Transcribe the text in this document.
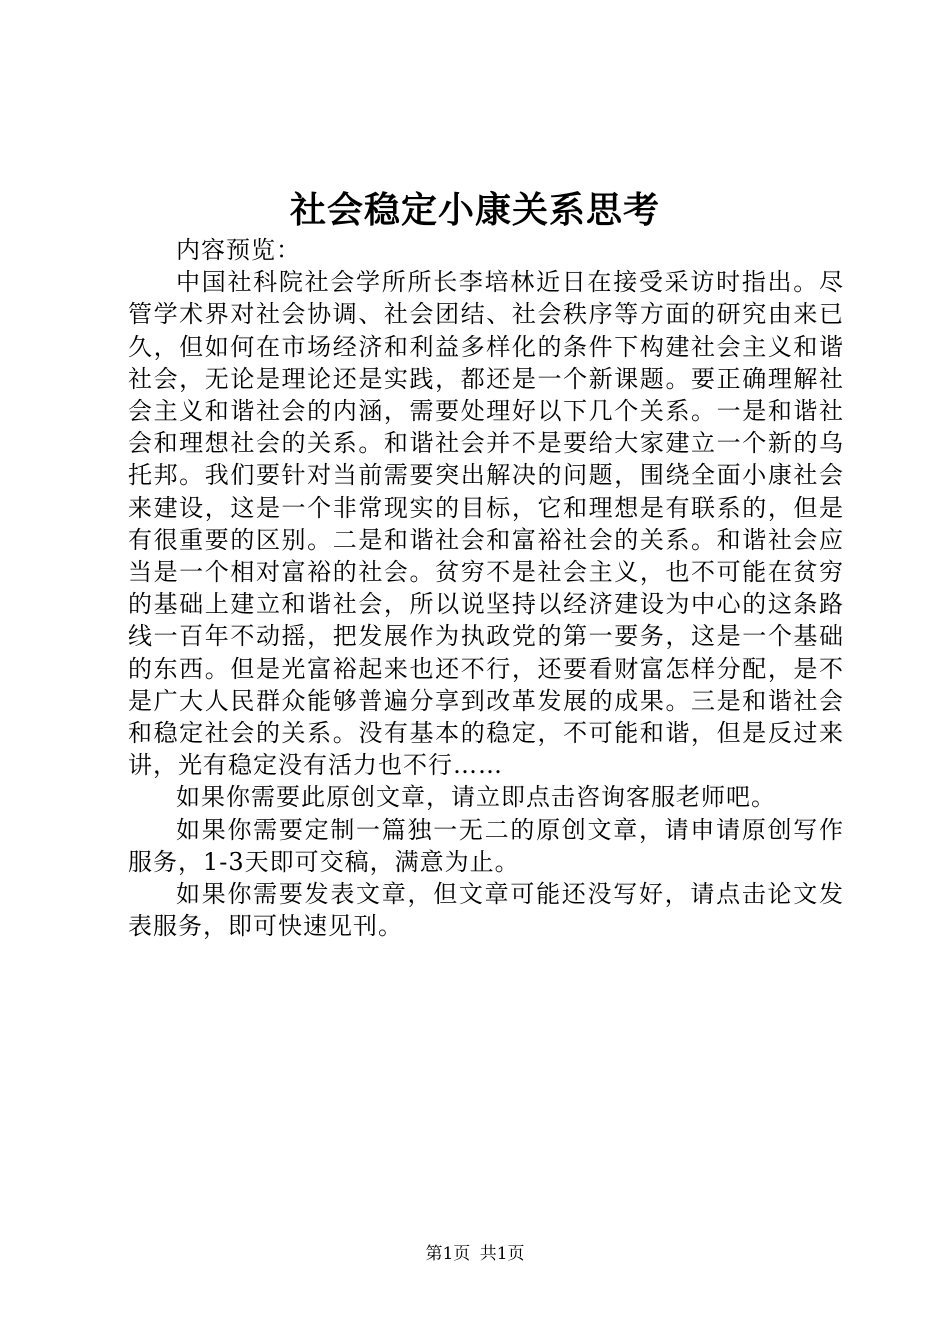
社会稳定小康关系思考

内容预览：

中国社科院社会学所所长李培林近日在接受采访时指出。尽管学术界对社会协调、社会团结、社会秩序等方面的研究由来已久，但如何在市场经济和利益多样化的条件下构建社会主义和谐社会，无论是理论还是实践，都还是一个新课题。要正确理解社会主义和谐社会的内涵，需要处理好以下几个关系。一是和谐社会和理想社会的关系。和谐社会并不是要给大家建立一个新的乌托邦。我们要针对当前需要突出解决的问题，围绕全面小康社会来建设，这是一个非常现实的目标，它和理想是有联系的，但是有很重要的区别。二是和谐社会和富裕社会的关系。和谐社会应当是一个相对富裕的社会。贫穷不是社会主义，也不可能在贫穷的基础上建立和谐社会，所以说坚持以经济建设为中心的这条路线一百年不动摇，把发展作为执政党的第一要务，这是一个基础的东西。但是光富裕起来也还不行，还要看财富怎样分配，是不是广大人民群众能够普遍分享到改革发展的成果。三是和谐社会和稳定社会的关系。没有基本的稳定，不可能和谐，但是反过来讲，光有稳定没有活力也不行……

如果你需要此原创文章，请立即点击咨询客服老师吧。

如果你需要定制一篇独一无二的原创文章，请申请原创写作服务，1-3天即可交稿，满意为止。

如果你需要发表文章，但文章可能还没写好，请点击论文发表服务，即可快速见刊。

第1页 共1页
